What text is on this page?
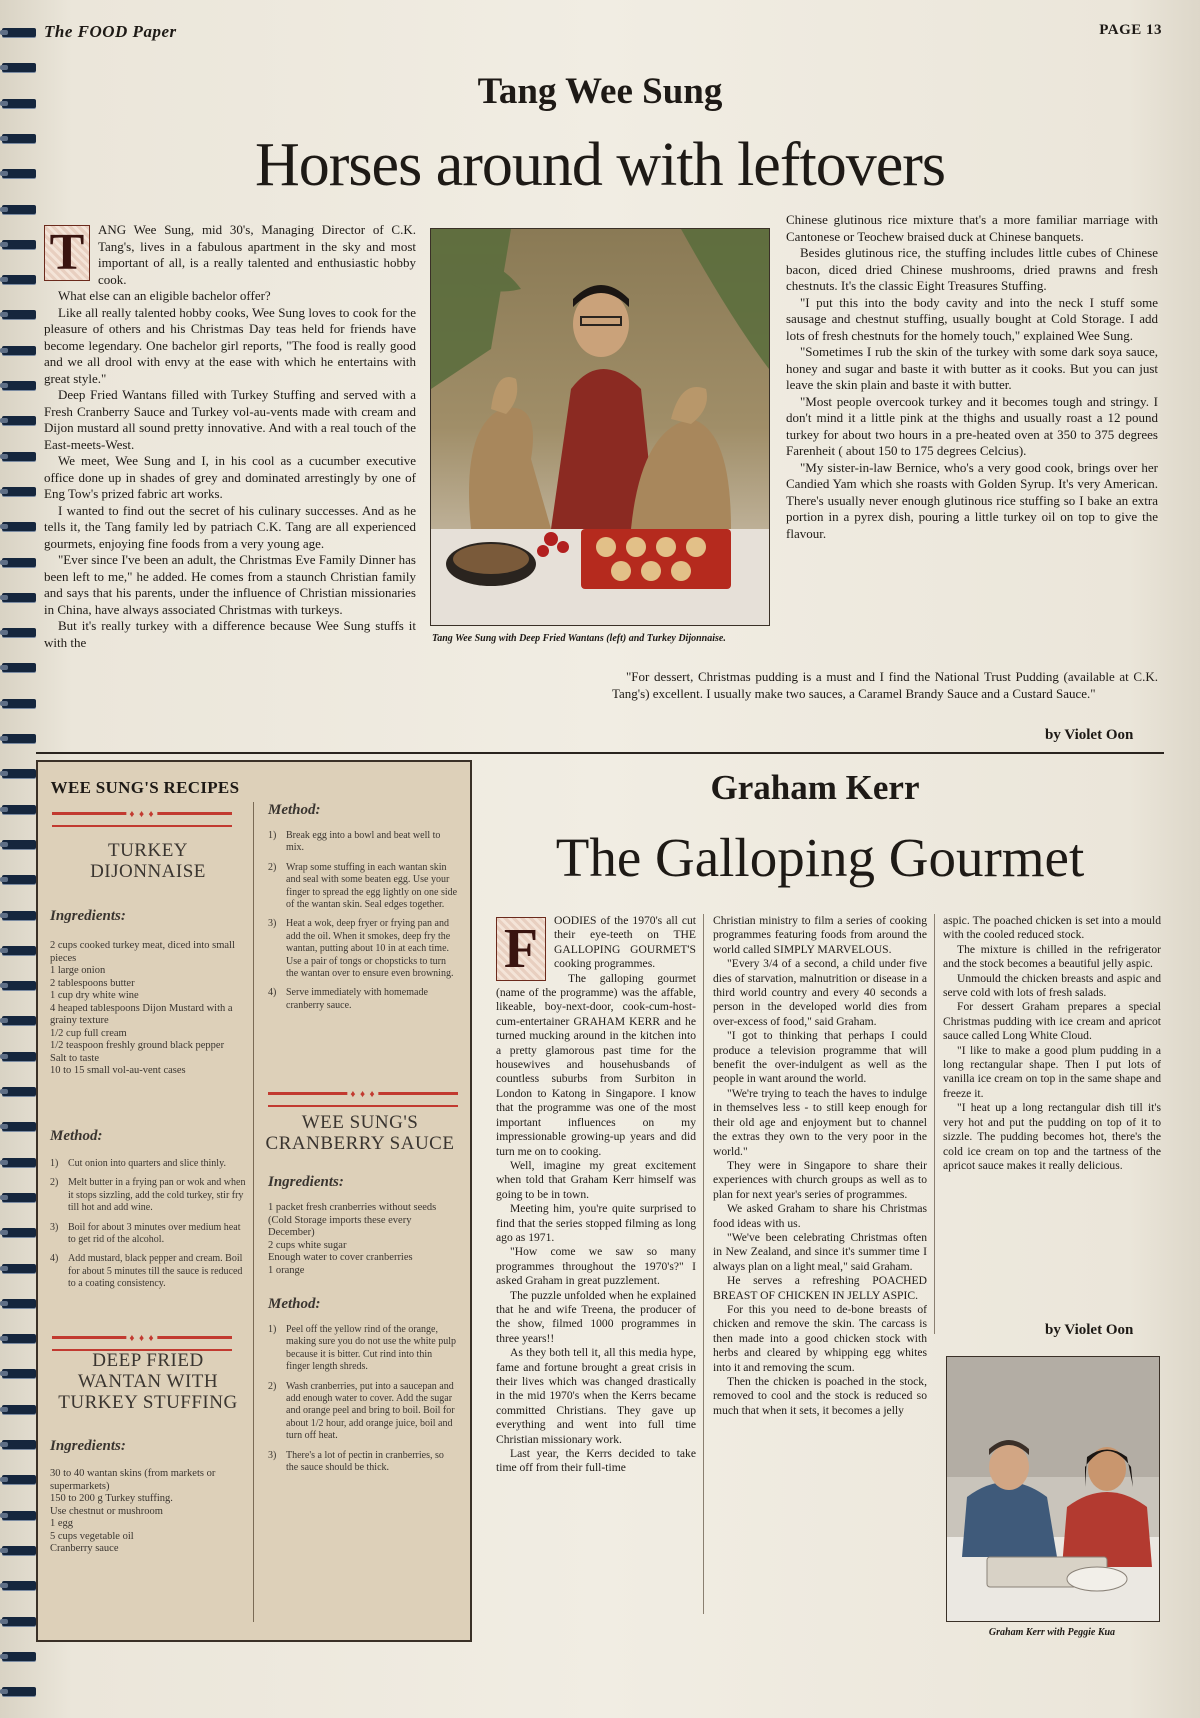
The FOOD Paper	PAGE 13
Tang Wee Sung
Horses around with leftovers
T	ANG Wee Sung, mid 30's, Managing Director of C.K. Tang's, lives in a fabulous apartment in the sky and most important of all, is a really talented and enthusiastic hobby cook.

What else can an eligible bachelor offer?

Like all really talented hobby cooks, Wee Sung loves to cook for the pleasure of others and his Christmas Day teas held for friends have become legendary. One bachelor girl reports, "The food is really good and we all drool with envy at the ease with which he entertains with great style."

Deep Fried Wantans filled with Turkey Stuffing and served with a Fresh Cranberry Sauce and Turkey vol-au-vents made with cream and Dijon mustard all sound pretty innovative. And with a real touch of the East-meets-West.

We meet, Wee Sung and I, in his cool as a cucumber executive office done up in shades of grey and dominated arrestingly by one of Eng Tow's prized fabric art works.

I wanted to find out the secret of his culinary successes. And as he tells it, the Tang family led by patriach C.K. Tang are all experienced gourmets, enjoying fine foods from a very young age.

"Ever since I've been an adult, the Christmas Eve Family Dinner has been left to me," he added. He comes from a staunch Christian family and says that his parents, under the influence of Christian missionaries in China, have always associated Christmas with turkeys.

But it's really turkey with a difference because Wee Sung stuffs it with the	Tang Wee Sung with Deep Fried Wantans (left) and Turkey Dijonnaise.

Chinese glutinous rice mixture that's a more familiar marriage with Cantonese or Teochew braised duck at Chinese banquets.

Besides glutinous rice, the stuffing includes little cubes of Chinese bacon, diced dried Chinese mushrooms, dried prawns and fresh chestnuts. It's the classic Eight Treasures Stuffing.

"I put this into the body cavity and into the neck I stuff some sausage and chestnut stuffing, usually bought at Cold Storage. I add lots of fresh chestnuts for the homely touch," explained Wee Sung.

"Sometimes I rub the skin of the turkey with some dark soya sauce, honey and sugar and baste it with butter as it cooks. But you can just leave the skin plain and baste it with butter.

"Most people overcook turkey and it becomes tough and stringy. I don't mind it a little pink at the thighs and usually roast a 12 pound turkey for about two hours in a pre-heated oven at 350 to 375 degrees Farenheit ( about 150 to 175 degrees Celcius).

"My sister-in-law Bernice, who's a very good cook, brings over her Candied Yam which she roasts with Golden Syrup. It's very American. There's usually never enough glutinous rice stuffing so I bake an extra portion in a pyrex dish, pouring a little turkey oil on top to give the flavour.

"For dessert, Christmas pudding is a must and I find the National Trust Pudding (available at C.K. Tang's) excellent. I usually make two sauces, a Caramel Brandy Sauce and a Custard Sauce."

by Violet Oon
WEE SUNG'S RECIPES
♦ ♦ ♦
TURKEY DIJONNAISE
Ingredients:
2 cups cooked turkey meat, diced into small pieces
1 large onion
2 tablespoons butter
1 cup dry white wine
4 heaped tablespoons Dijon Mustard with a grainy texture
1/2 cup full cream
1/2 teaspoon freshly ground black pepper
Salt to taste
10 to 15 small vol-au-vent cases
Method:
1) Cut onion into quarters and slice thinly.
2) Melt butter in a frying pan or wok and when it stops sizzling, add the cold turkey, stir fry till hot and add wine.
3) Boil for about 3 minutes over medium heat to get rid of the alcohol.
4) Add mustard, black pepper and cream. Boil for about 5 minutes till the sauce is reduced to a coating consistency.
♦ ♦ ♦
DEEP FRIED WANTAN WITH TURKEY STUFFING
Ingredients:
30 to 40 wantan skins (from markets or supermarkets)
150 to 200 g Turkey stuffing.
Use chestnut or mushroom
1 egg
5 cups vegetable oil
Cranberry sauce
Method:
1) Break egg into a bowl and beat well to mix.
2) Wrap some stuffing in each wantan skin and seal with some beaten egg. Use your finger to spread the egg lightly on one side of the wantan skin. Seal edges together.
3) Heat a wok, deep fryer or frying pan and add the oil. When it smokes, deep fry the wantan, putting about 10 in at each time. Use a pair of tongs or chopsticks to turn the wantan over to ensure even browning.
4) Serve immediately with homemade cranberry sauce.
♦ ♦ ♦
WEE SUNG'S CRANBERRY SAUCE
Ingredients:
1 packet fresh cranberries without seeds (Cold Storage imports these every December)
2 cups white sugar
Enough water to cover cranberries
1 orange
Method:
1) Peel off the yellow rind of the orange, making sure you do not use the white pulp because it is bitter. Cut rind into thin finger length shreds.
2) Wash cranberries, put into a saucepan and add enough water to cover. Add the sugar and orange peel and bring to boil. Boil for about 1/2 hour, add orange juice, boil and turn off heat.
3) There's a lot of pectin in cranberries, so the sauce should be thick.
Graham Kerr
The Galloping Gourmet
F	OODIES of the 1970's all cut their eye-teeth on THE GALLOPING GOURMET'S cooking programmes.

The galloping gourmet (name of the programme) was the affable, likeable, boy-next-door, cook-cum-host-cum-entertainer GRAHAM KERR and he turned mucking around in the kitchen into a pretty glamorous past time for the housewives and househusbands of countless suburbs from Surbiton in London to Katong in Singapore. I know that the programme was one of the most important influences on my impressionable growing-up years and did turn me on to cooking.

Well, imagine my great excitement when told that Graham Kerr himself was going to be in town.

Meeting him, you're quite surprised to find that the series stopped filming as long ago as 1971.

"How come we saw so many programmes throughout the 1970's?" I asked Graham in great puzzlement.

The puzzle unfolded when he explained that he and wife Treena, the producer of the show, filmed 1000 programmes in three years!!

As they both tell it, all this media hype, fame and fortune brought a great crisis in their lives which was changed drastically in the mid 1970's when the Kerrs became committed Christians. They gave up everything and went into full time Christian missionary work.

Last year, the Kerrs decided to take time off from their full-time

Christian ministry to film a series of cooking programmes featuring foods from around the world called SIMPLY MARVELOUS.

"Every 3/4 of a second, a child under five dies of starvation, malnutrition or disease in a third world country and every 40 seconds a person in the developed world dies from over-excess of food," said Graham.

"I got to thinking that perhaps I could produce a television programme that will benefit the over-indulgent as well as the people in want around the world.

"We're trying to teach the haves to indulge in themselves less - to still keep enough for their old age and enjoyment but to channel the extras they own to the very poor in the world."

They were in Singapore to share their experiences with church groups as well as to plan for next year's series of programmes.

We asked Graham to share his Christmas food ideas with us.

"We've been celebrating Christmas often in New Zealand, and since it's summer time I always plan on a light meal," said Graham.

He serves a refreshing POACHED BREAST OF CHICKEN IN JELLY ASPIC.

For this you need to de-bone breasts of chicken and remove the skin. The carcass is then made into a good chicken stock with herbs and cleared by whipping egg whites into it and removing the scum.

Then the chicken is poached in the stock, removed to cool and the stock is reduced so much that when it sets, it becomes a jelly

aspic. The poached chicken is set into a mould with the cooled reduced stock.

The mixture is chilled in the refrigerator and the stock becomes a beautiful jelly aspic.

Unmould the chicken breasts and aspic and serve cold with lots of fresh salads.

For dessert Graham prepares a special Christmas pudding with ice cream and apricot sauce called Long White Cloud.

"I like to make a good plum pudding in a long rectangular shape. Then I put lots of vanilla ice cream on top in the same shape and freeze it.

"I heat up a long rectangular dish till it's very hot and put the pudding on top of it to sizzle. The pudding becomes hot, there's the cold ice cream on top and the tartness of the apricot sauce makes it really delicious.

by Violet Oon
Graham Kerr with Peggie Kua
